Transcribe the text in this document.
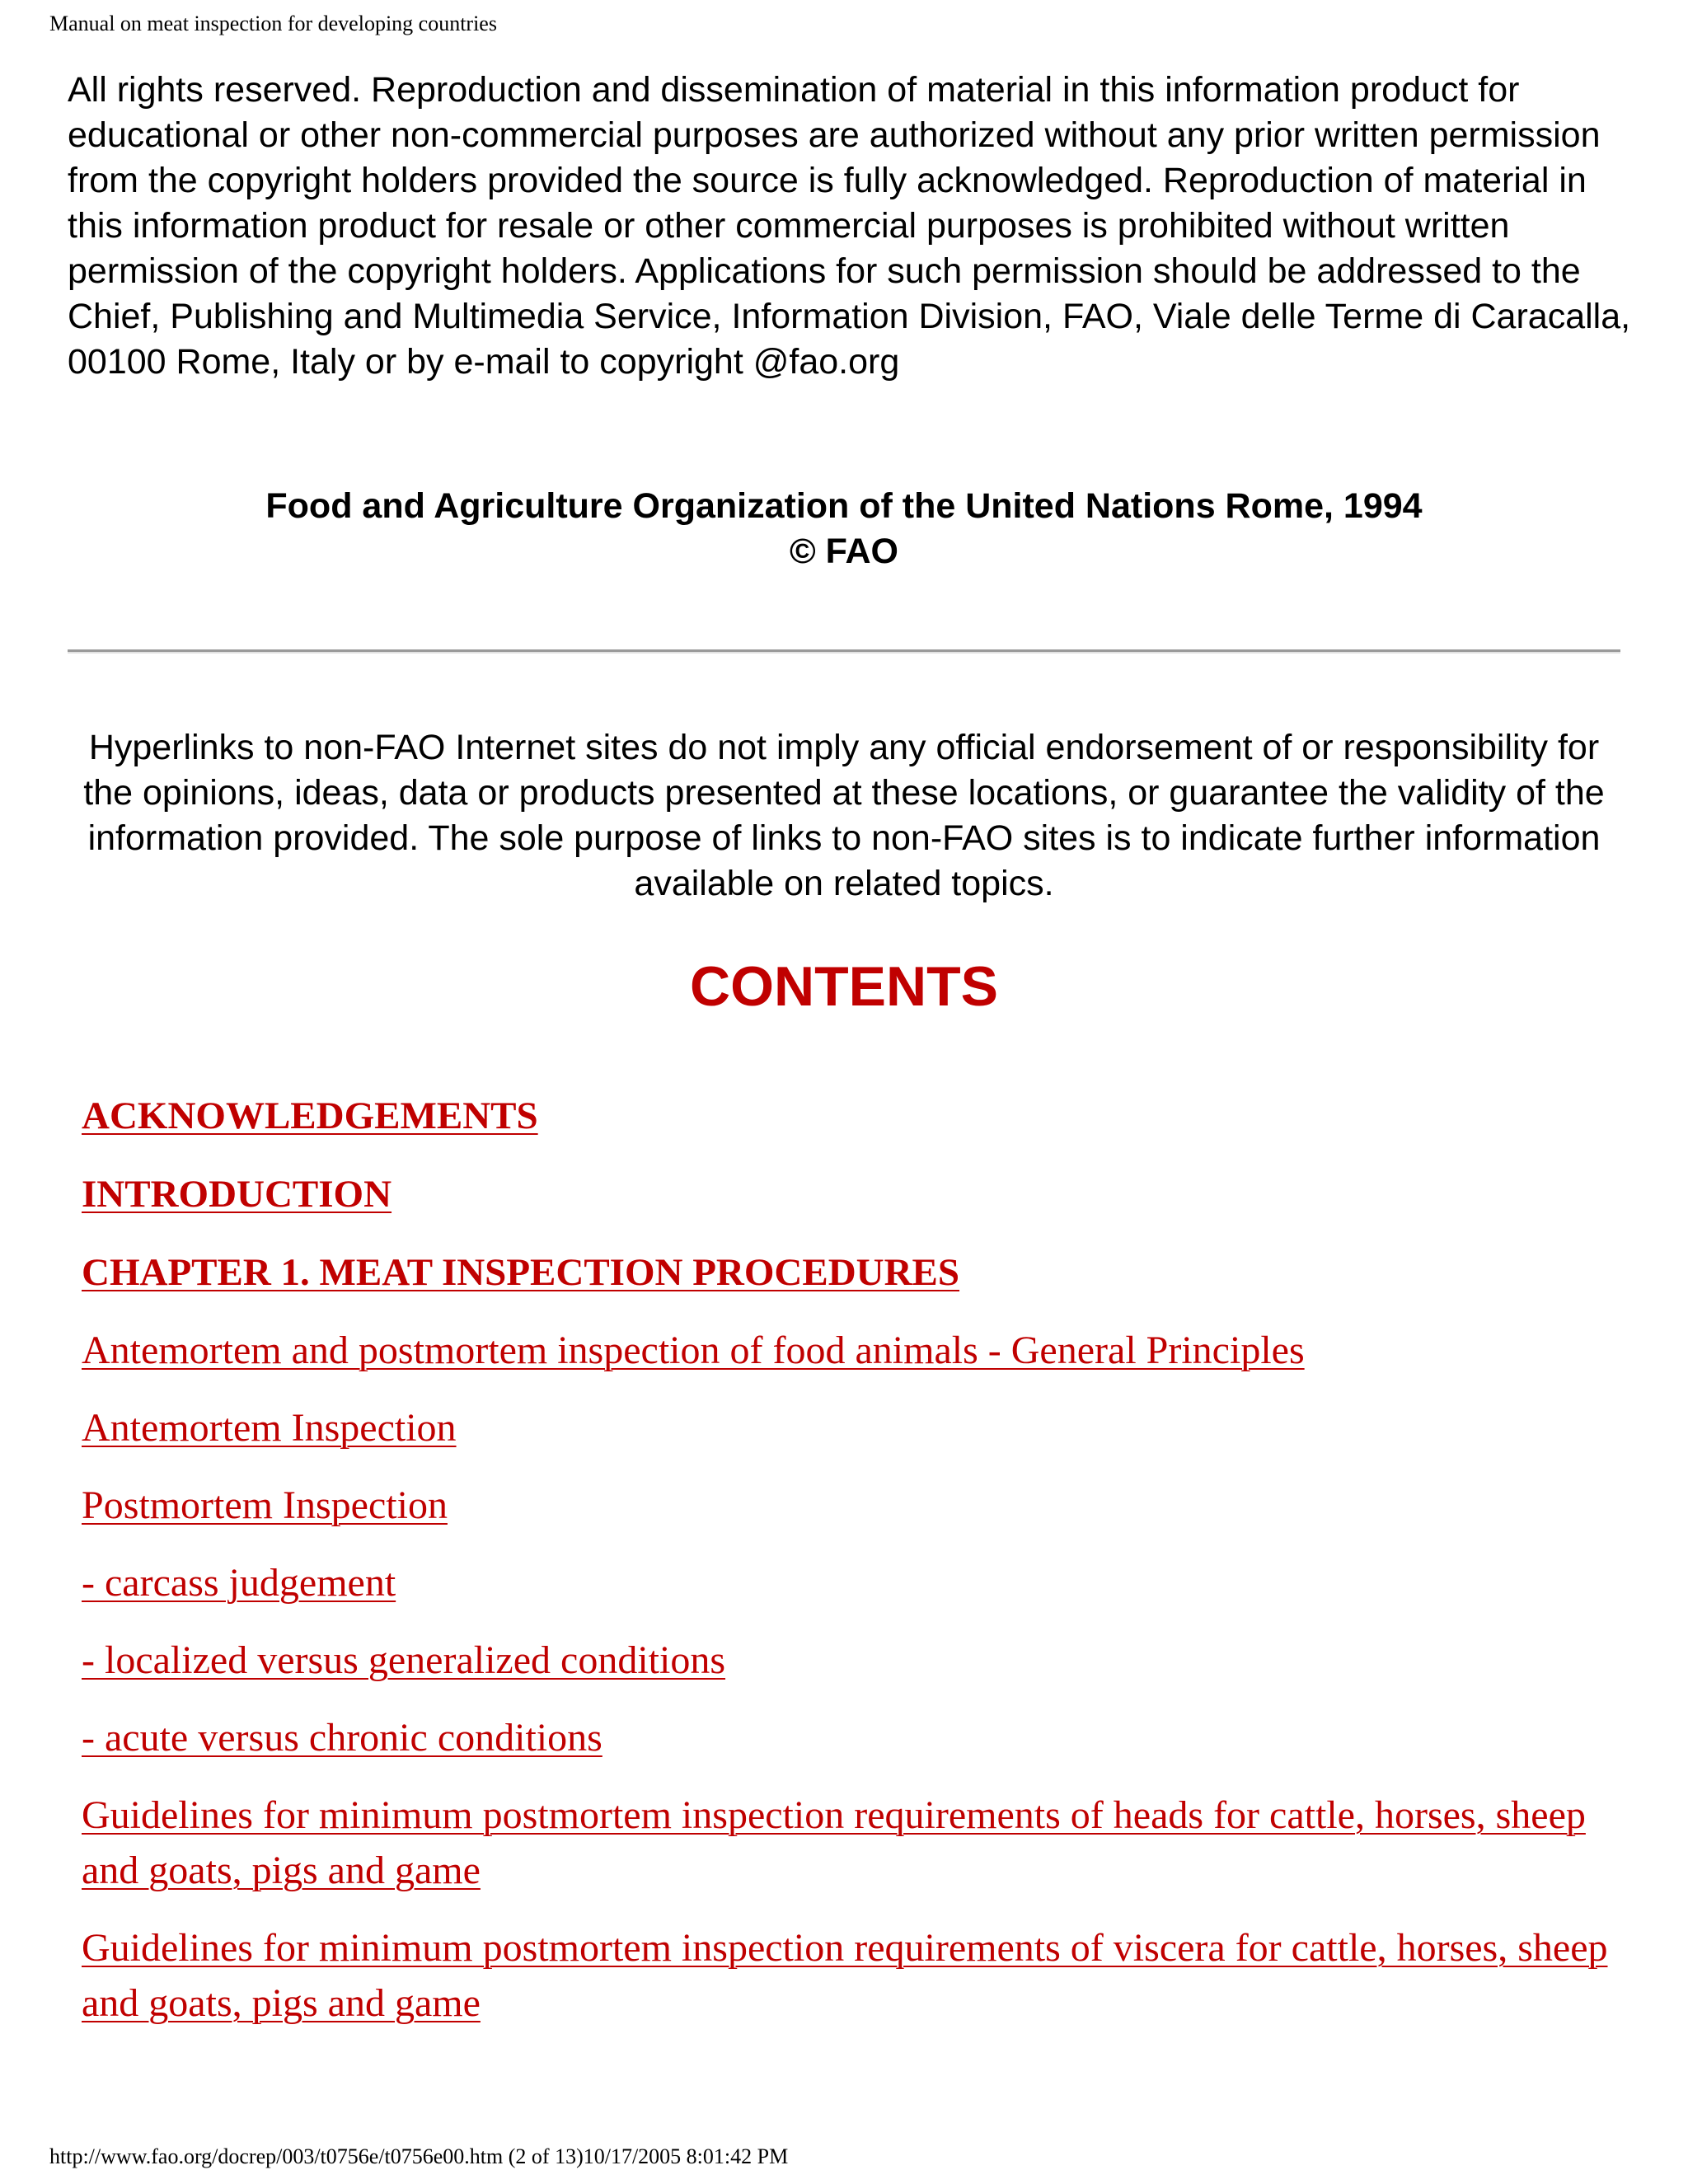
Manual on meat inspection for developing countries

All rights reserved. Reproduction and dissemination of material in this information product for educational or other non-commercial purposes are authorized without any prior written permission from the copyright holders provided the source is fully acknowledged. Reproduction of material in this information product for resale or other commercial purposes is prohibited without written permission of the copyright holders. Applications for such permission should be addressed to the Chief, Publishing and Multimedia Service, Information Division, FAO, Viale delle Terme di Caracalla, 00100 Rome, Italy or by e-mail to copyright @fao.org

Food and Agriculture Organization of the United Nations Rome, 1994
© FAO

Hyperlinks to non-FAO Internet sites do not imply any official endorsement of or responsibility for the opinions, ideas, data or products presented at these locations, or guarantee the validity of the information provided. The sole purpose of links to non-FAO sites is to indicate further information available on related topics.

CONTENTS
ACKNOWLEDGEMENTS
INTRODUCTION
CHAPTER 1. MEAT INSPECTION PROCEDURES
Antemortem and postmortem inspection of food animals - General Principles
Antemortem Inspection
Postmortem Inspection
- carcass judgement
- localized versus generalized conditions
- acute versus chronic conditions
Guidelines for minimum postmortem inspection requirements of heads for cattle, horses, sheep and goats, pigs and game
Guidelines for minimum postmortem inspection requirements of viscera for cattle, horses, sheep and goats, pigs and game
http://www.fao.org/docrep/003/t0756e/t0756e00.htm (2 of 13)10/17/2005 8:01:42 PM
